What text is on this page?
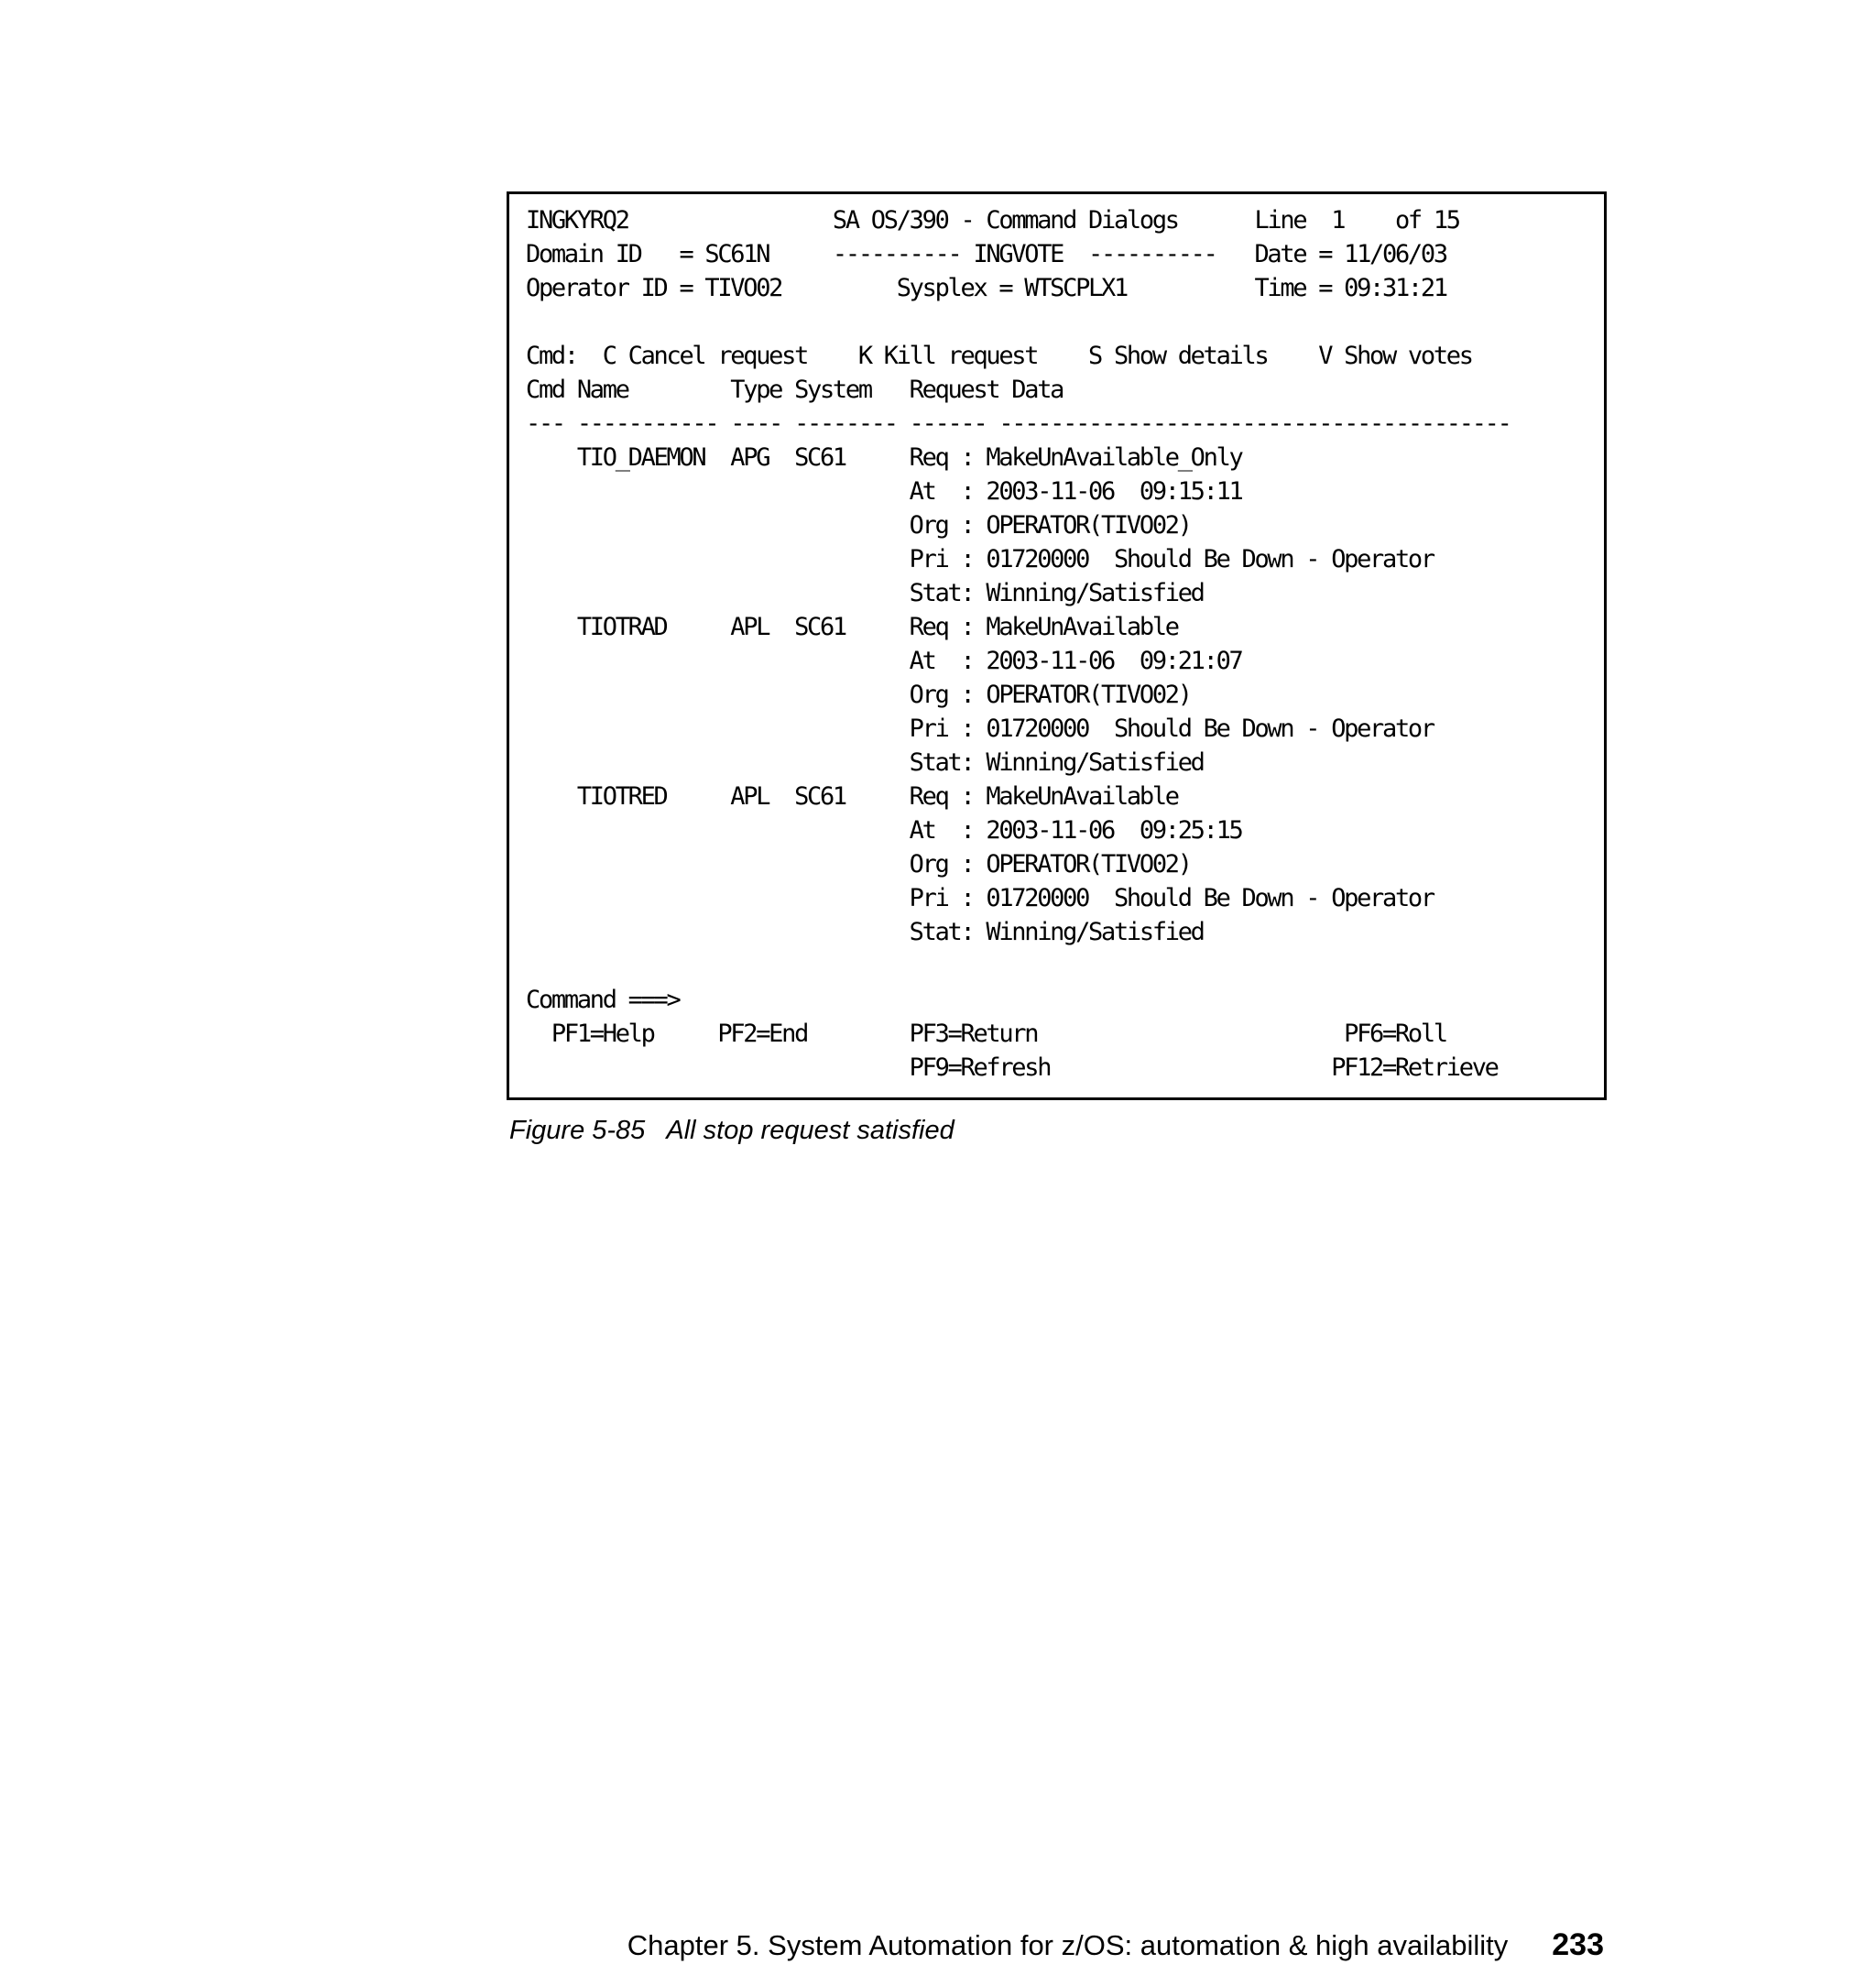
INGKYRQ2                SA OS/390 - Command Dialogs      Line  1    of 15
Domain ID   = SC61N     ---------- INGVOTE  ----------   Date = 11/06/03
Operator ID = TIVO02         Sysplex = WTSCPLX1          Time = 09:31:21

Cmd:  C Cancel request    K Kill request    S Show details    V Show votes
Cmd Name        Type System   Request Data
--- ----------- ---- -------- ------ ----------------------------------------
TIO_DAEMON  APG  SC61     Req : MakeUnAvailable_Only
At  : 2003-11-06  09:15:11
Org : OPERATOR(TIVO02)
Pri : 01720000  Should Be Down - Operator
Stat: Winning/Satisfied
TIOTRAD     APL  SC61     Req : MakeUnAvailable
At  : 2003-11-06  09:21:07
Org : OPERATOR(TIVO02)
Pri : 01720000  Should Be Down - Operator
Stat: Winning/Satisfied
TIOTRED     APL  SC61     Req : MakeUnAvailable
At  : 2003-11-06  09:25:15
Org : OPERATOR(TIVO02)
Pri : 01720000  Should Be Down - Operator
Stat: Winning/Satisfied

Command ===>
PF1=Help     PF2=End        PF3=Return                        PF6=Roll
PF9=Refresh                      PF12=Retrieve
Figure 5-85   All stop request satisfied

Chapter 5. System Automation for z/OS: automation & high availability 233
